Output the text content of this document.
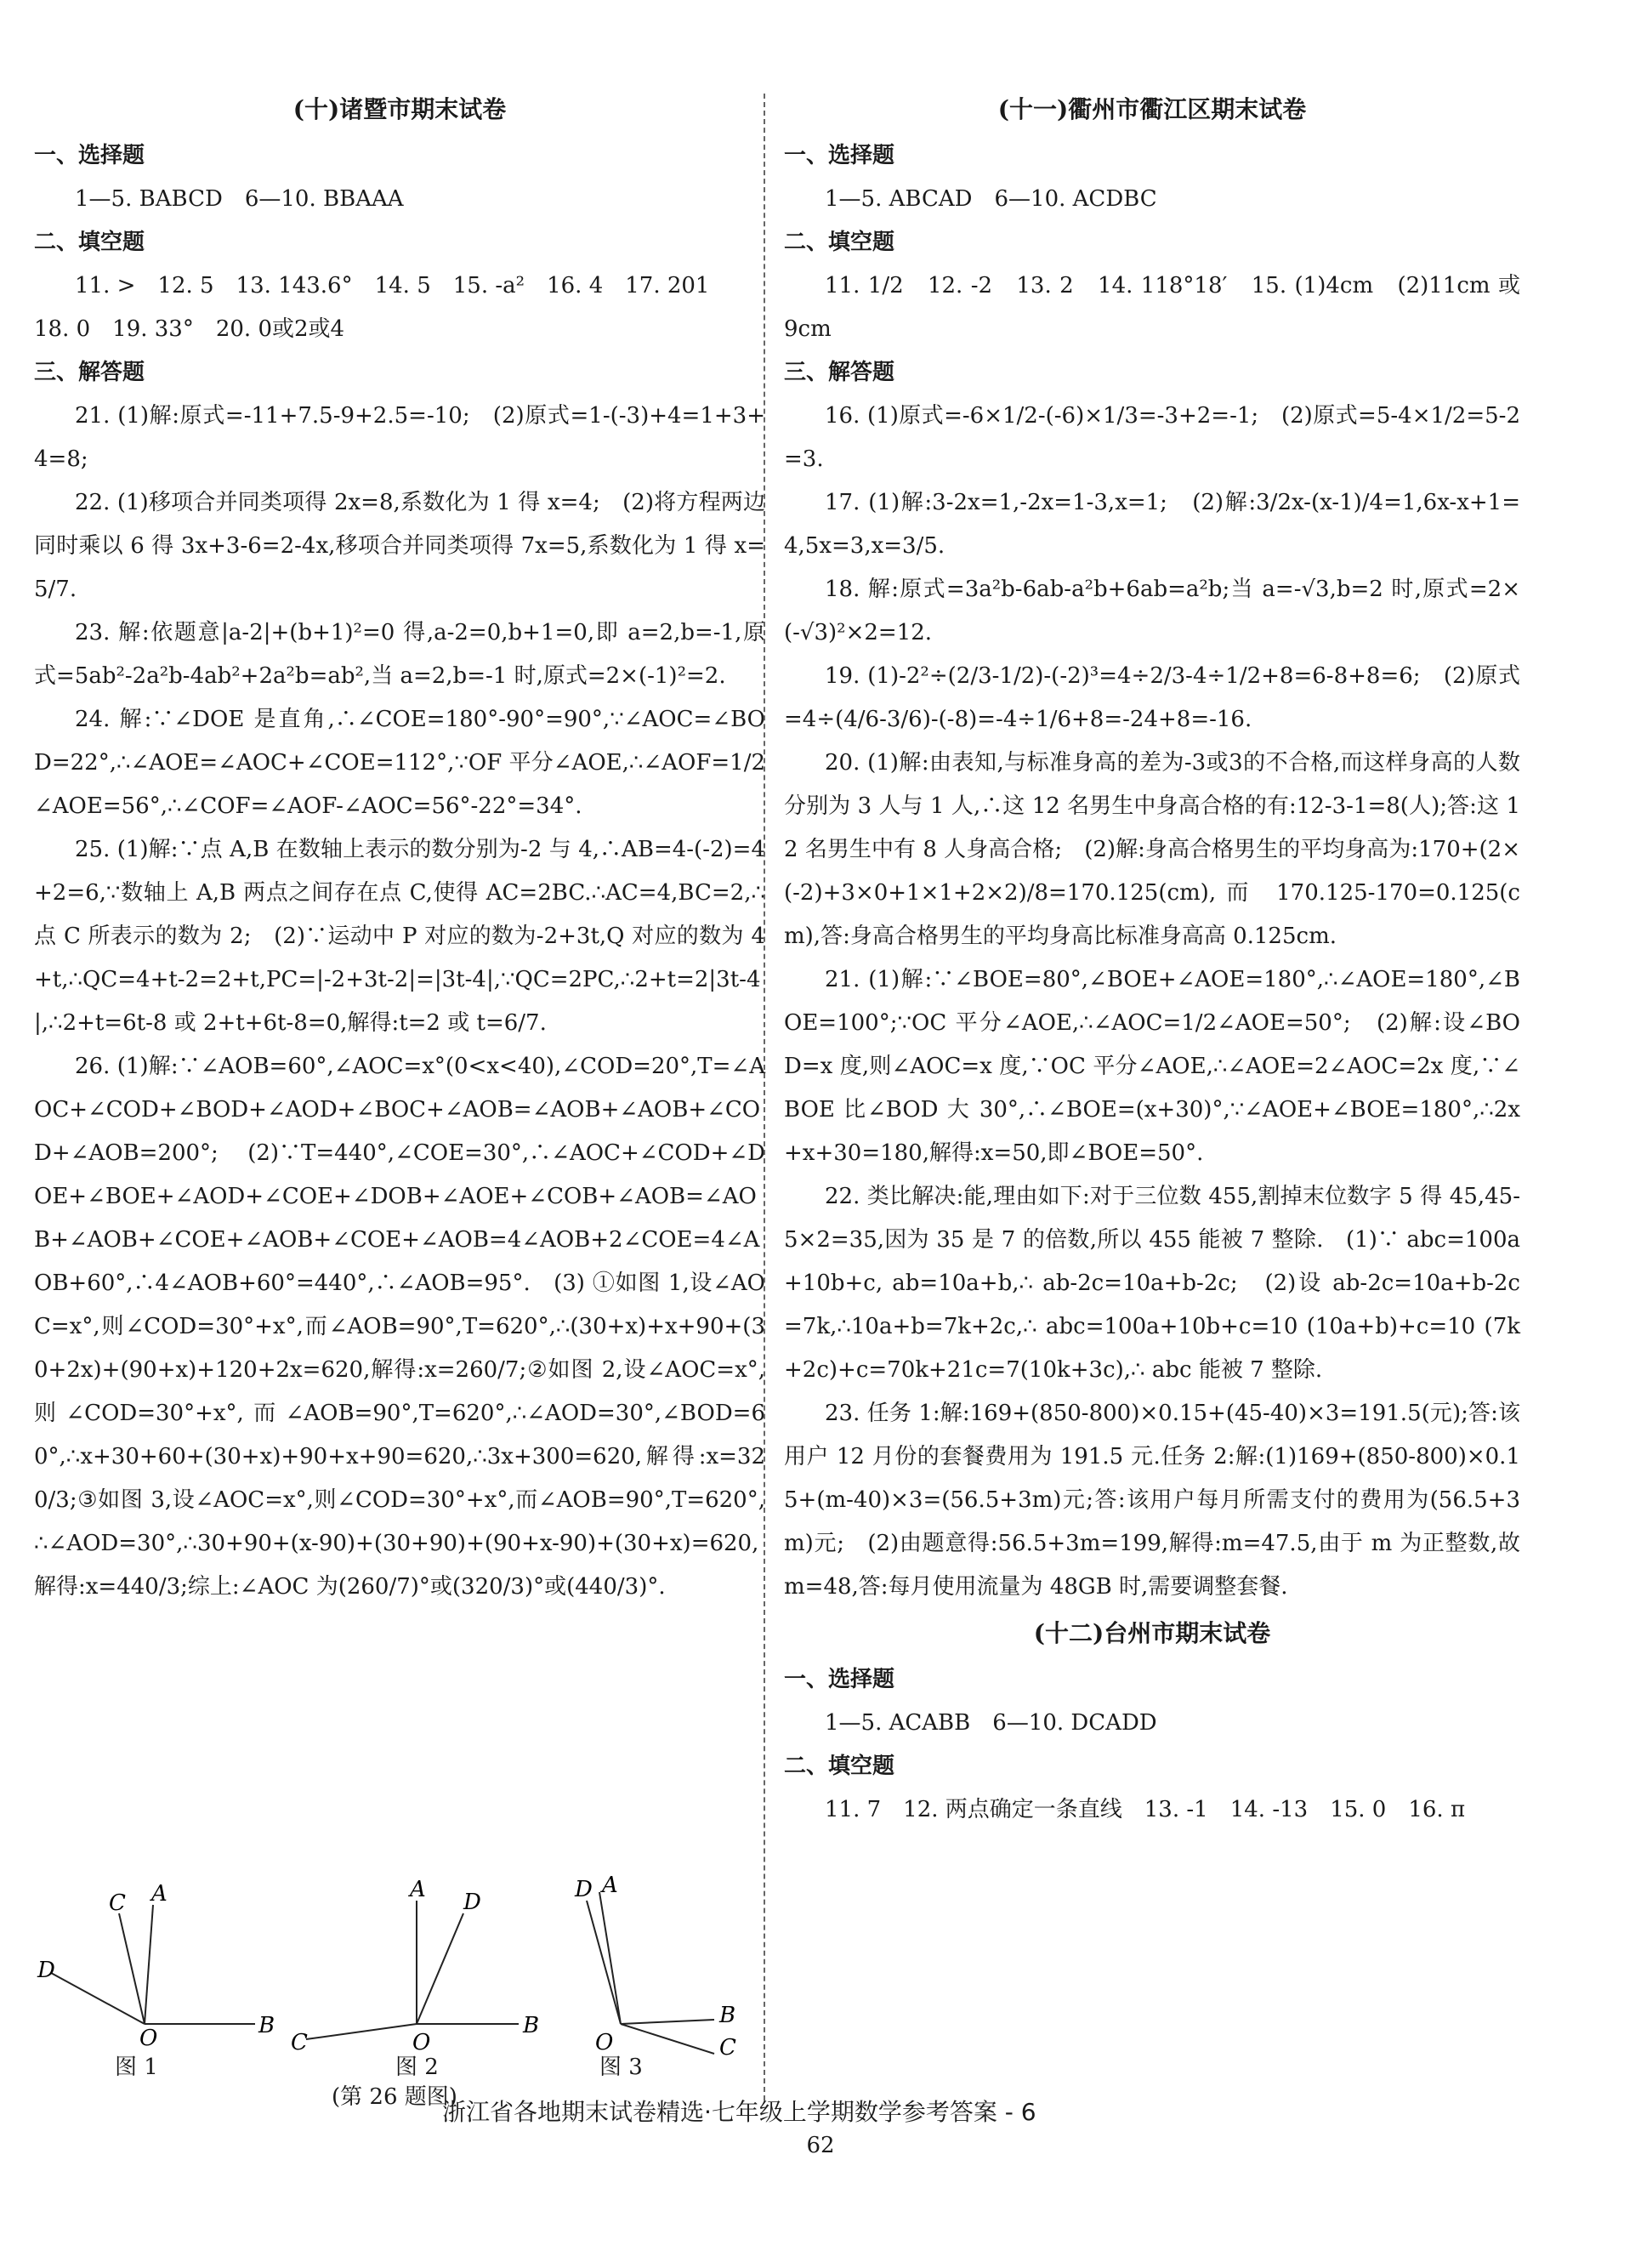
(十)诸暨市期末试卷
一、选择题
1—5. BABCD　6—10. BBAAA
二、填空题
11. >　12. 5　13. 143.6°　14. 5　15. -a²　16. 4　17. 201
18. 0　19. 33°　20. 0或2或4
三、解答题
21. (1)解:原式=-11+7.5-9+2.5=-10;　(2)原式=1-(-3)+4=1+3+4=8;
22. (1)移项合并同类项得 2x=8,系数化为 1 得 x=4;　(2)将方程两边同时乘以 6 得 3x+3-6=2-4x,移项合并同类项得 7x=5,系数化为 1 得 x=5/7.
23. 解:依题意|a-2|+(b+1)²=0 得,a-2=0,b+1=0,即 a=2,b=-1,原式=5ab²-2a²b-4ab²+2a²b=ab²,当 a=2,b=-1 时,原式=2×(-1)²=2.
24. 解:∵∠DOE 是直角,∴∠COE=180°-90°=90°,∵∠AOC=∠BOD=22°,∴∠AOE=∠AOC+∠COE=112°,∵OF 平分∠AOE,∴∠AOF=1/2∠AOE=56°,∴∠COF=∠AOF-∠AOC=56°-22°=34°.
25. (1)解:∵点 A,B 在数轴上表示的数分别为-2 与 4,∴AB=4-(-2)=4+2=6,∵数轴上 A,B 两点之间存在点 C,使得 AC=2BC.∴AC=4,BC=2,∴点 C 所表示的数为 2;　(2)∵运动中 P 对应的数为-2+3t,Q 对应的数为 4+t,∴QC=4+t-2=2+t,PC=|-2+3t-2|=|3t-4|,∵QC=2PC,∴2+t=2|3t-4|,∴2+t=6t-8 或 2+t+6t-8=0,解得:t=2 或 t=6/7.
26. (1)解:∵∠AOB=60°,∠AOC=x°(0<x<40),∠COD=20°,T=∠AOC+∠COD+∠BOD+∠AOD+∠BOC+∠AOB=∠AOB+∠AOB+∠COD+∠AOB=200°;　(2)∵T=440°,∠COE=30°,∴∠AOC+∠COD+∠DOE+∠BOE+∠AOD+∠COE+∠DOB+∠AOE+∠COB+∠AOB=∠AOB+∠AOB+∠COE+∠AOB+∠COE+∠AOB=4∠AOB+2∠COE=4∠AOB+60°,∴4∠AOB+60°=440°,∴∠AOB=95°.　(3) ①如图 1,设∠AOC=x°,则∠COD=30°+x°,而∠AOB=90°,T=620°,∴(30+x)+x+90+(30+2x)+(90+x)+120+2x=620,解得:x=260/7;②如图 2,设∠AOC=x°,则∠COD=30°+x°,而∠AOB=90°,T=620°,∴∠AOD=30°,∠BOD=60°,∴x+30+60+(30+x)+90+x+90=620,∴3x+300=620,解得:x=320/3;③如图 3,设∠AOC=x°,则∠COD=30°+x°,而∠AOB=90°,T=620°,∴∠AOD=30°,∴30+90+(x-90)+(30+90)+(90+x-90)+(30+x)=620,解得:x=440/3;综上:∠AOC 为(260/7)°或(320/3)°或(440/3)°.
O	B
A
C
D
O
B
A D
C	O
B
A
D
C
图 1	图 2	图 3
(第 26 题图)
(十一)衢州市衢江区期末试卷
一、选择题
1—5. ABCAD　6—10. ACDBC
二、填空题
11. 1/2　12. -2　13. 2　14. 118°18′　15. (1)4cm　(2)11cm 或 9cm
三、解答题
16. (1)原式=-6×1/2-(-6)×1/3=-3+2=-1;　(2)原式=5-4×1/2=5-2=3.
17. (1)解:3-2x=1,-2x=1-3,x=1;　(2)解:3/2x-(x-1)/4=1,6x-x+1=4,5x=3,x=3/5.
18. 解:原式=3a²b-6ab-a²b+6ab=a²b;当 a=-√3,b=2 时,原式=2×(-√3)²×2=12.
19. (1)-2²÷(2/3-1/2)-(-2)³=4÷2/3-4÷1/2+8=6-8+8=6;　(2)原式=4÷(4/6-3/6)-(-8)=-4÷1/6+8=-24+8=-16.
20. (1)解:由表知,与标准身高的差为-3或3的不合格,而这样身高的人数分别为 3 人与 1 人,∴这 12 名男生中身高合格的有:12-3-1=8(人);答:这 12 名男生中有 8 人身高合格;　(2)解:身高合格男生的平均身高为:170+(2×(-2)+3×0+1×1+2×2)/8=170.125(cm),而 170.125-170=0.125(cm),答:身高合格男生的平均身高比标准身高高 0.125cm.
21. (1)解:∵∠BOE=80°,∠BOE+∠AOE=180°,∴∠AOE=180°,∠BOE=100°;∵OC 平分∠AOE,∴∠AOC=1/2∠AOE=50°;　(2)解:设∠BOD=x 度,则∠AOC=x 度,∵OC 平分∠AOE,∴∠AOE=2∠AOC=2x 度,∵∠BOE 比∠BOD 大 30°,∴∠BOE=(x+30)°,∵∠AOE+∠BOE=180°,∴2x+x+30=180,解得:x=50,即∠BOE=50°.
22. 类比解决:能,理由如下:对于三位数 455,割掉末位数字 5 得 45,45-5×2=35,因为 35 是 7 的倍数,所以 455 能被 7 整除.　(1)∵ abc=100a+10b+c, ab=10a+b,∴ ab-2c=10a+b-2c;　(2)设 ab-2c=10a+b-2c=7k,∴10a+b=7k+2c,∴ abc=100a+10b+c=10 (10a+b)+c=10 (7k+2c)+c=70k+21c=7(10k+3c),∴ abc 能被 7 整除.
23. 任务 1:解:169+(850-800)×0.15+(45-40)×3=191.5(元);答:该用户 12 月份的套餐费用为 191.5 元.任务 2:解:(1)169+(850-800)×0.15+(m-40)×3=(56.5+3m)元;答:该用户每月所需支付的费用为(56.5+3m)元;　(2)由题意得:56.5+3m=199,解得:m=47.5,由于 m 为正整数,故 m=48,答:每月使用流量为 48GB 时,需要调整套餐.
(十二)台州市期末试卷
一、选择题
1—5. ACABB　6—10. DCADD
二、填空题
11. 7　12. 两点确定一条直线　13. -1　14. -13　15. 0　16. π
浙江省各地期末试卷精选·七年级上学期数学参考答案 - 6
62
